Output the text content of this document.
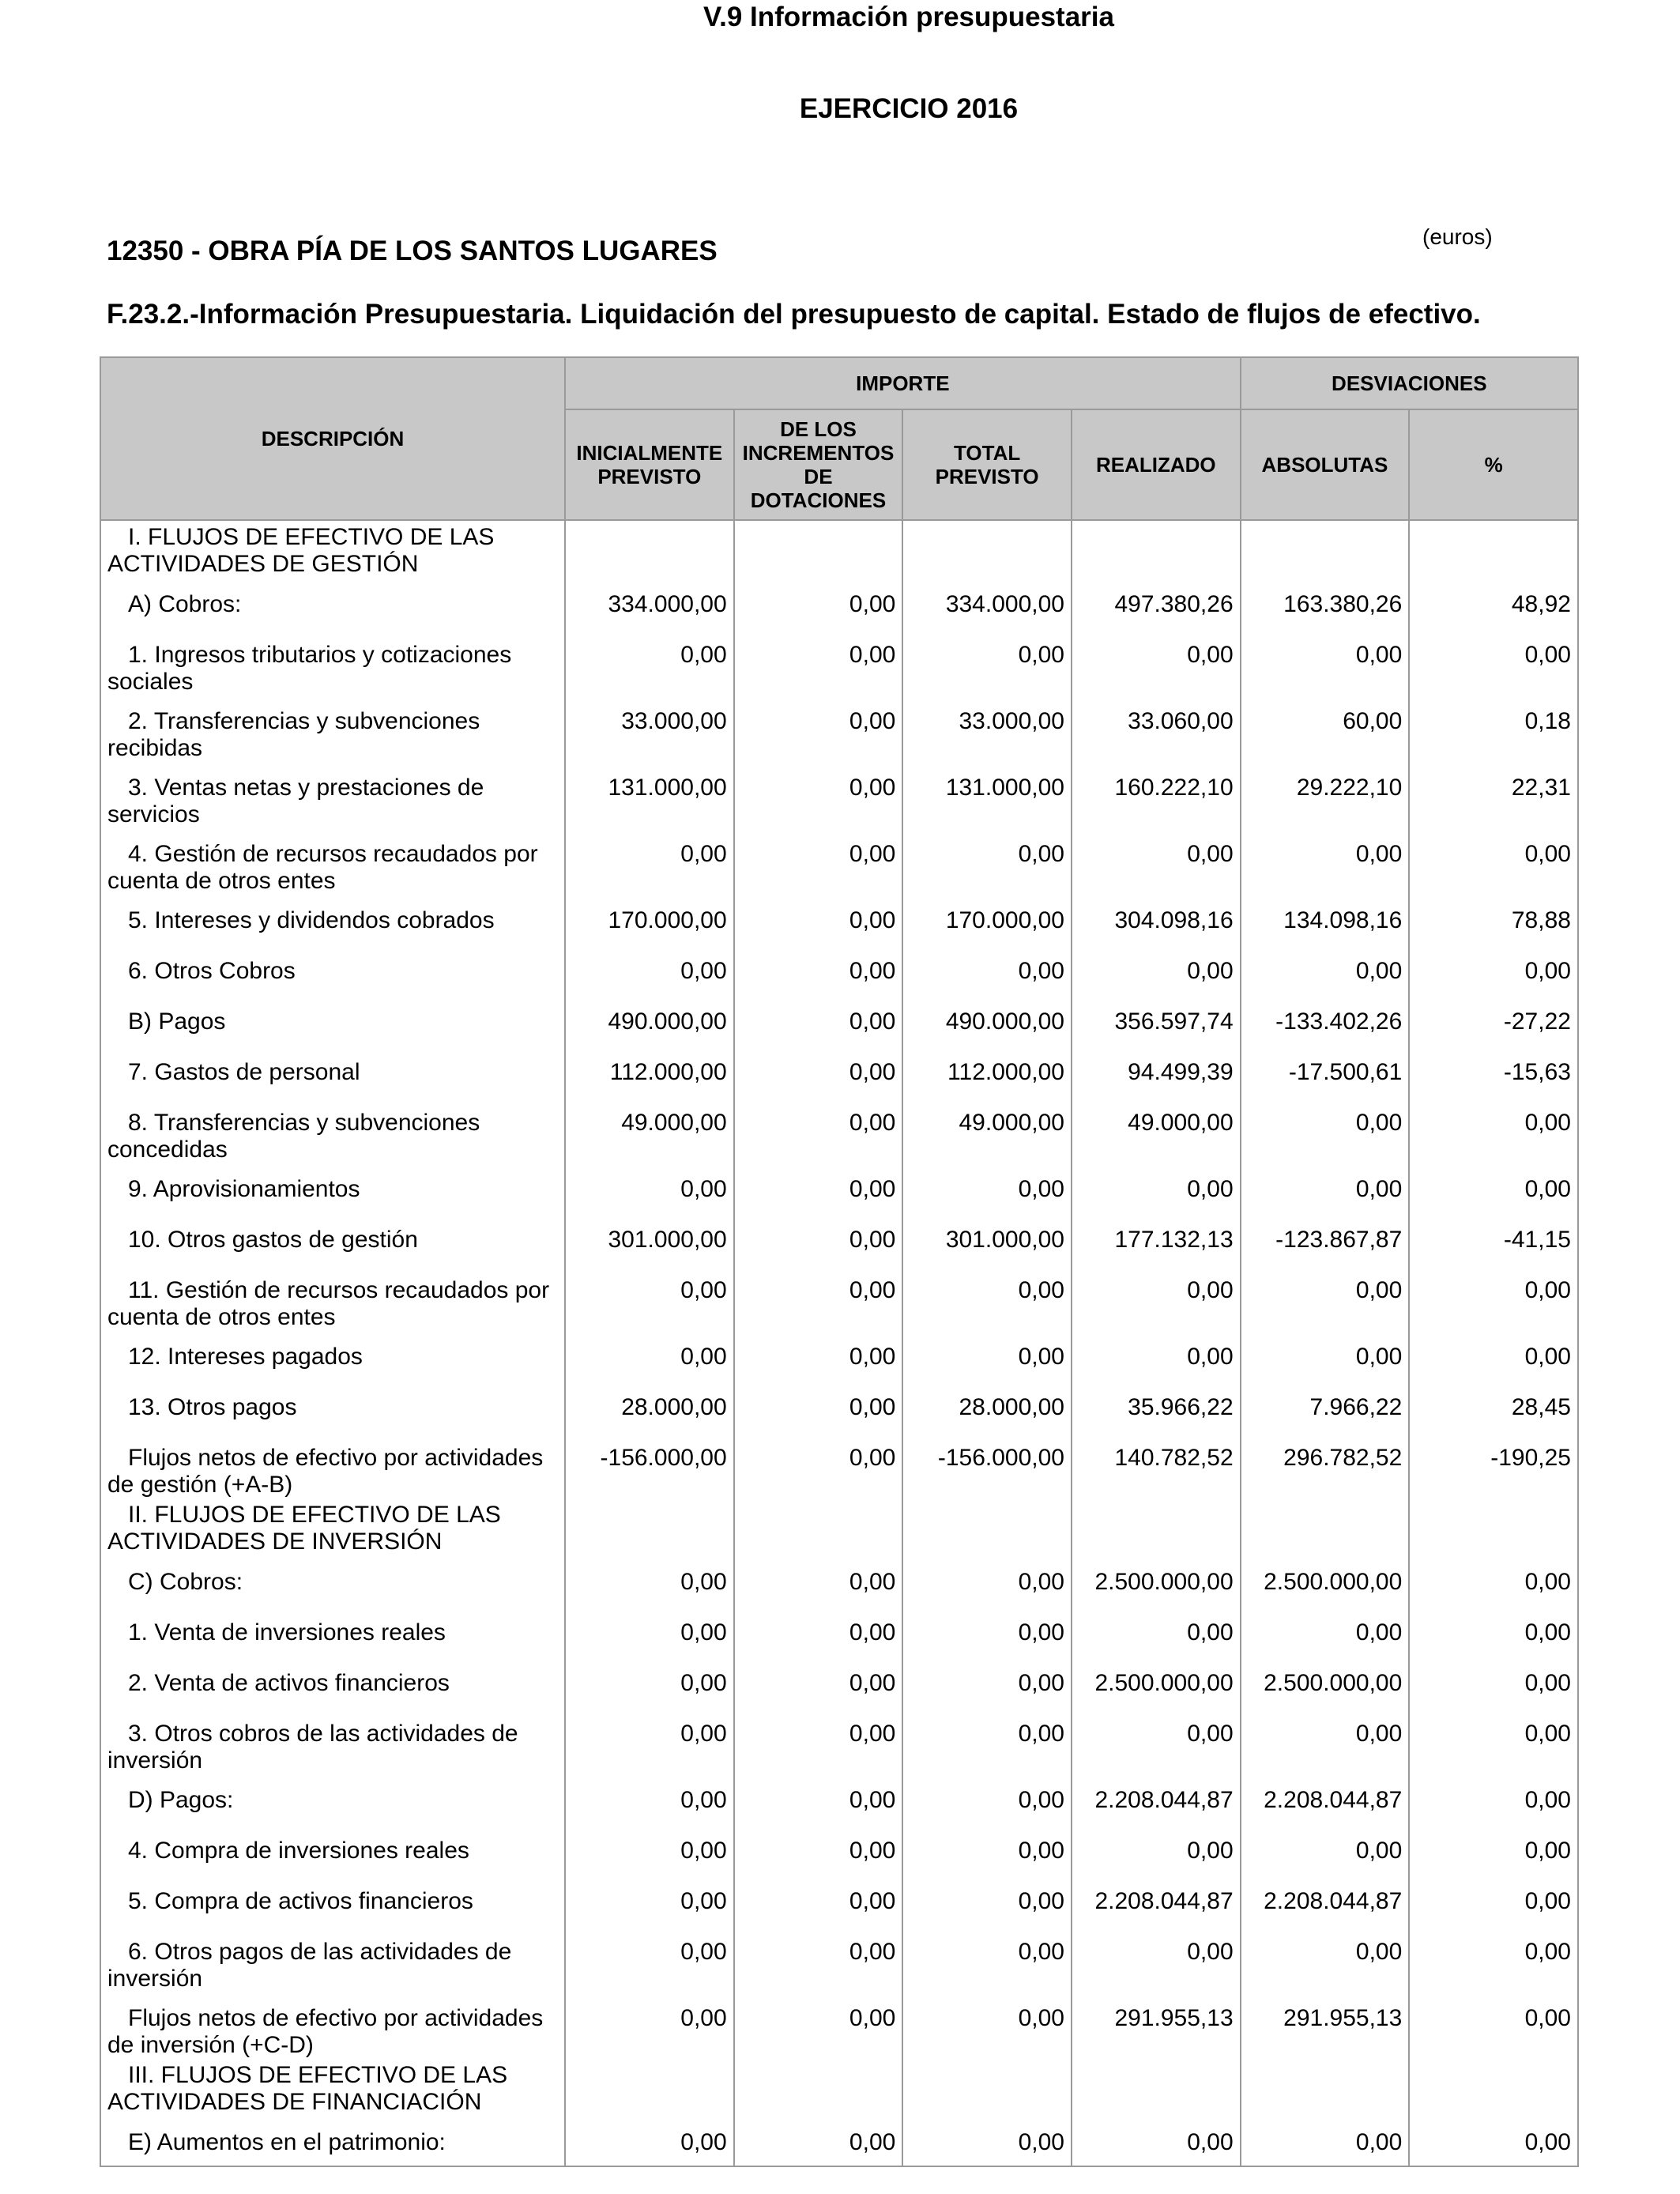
V.9 Información presupuestaria
EJERCICIO 2016
12350 - OBRA PÍA DE LOS SANTOS LUGARES	(euros)
F.23.2.-Información Presupuestaria. Liquidación del presupuesto de capital. Estado de flujos de efectivo.
DESCRIPCIÓN	IMPORTE				DESVIACIONES	
	INICIALMENTE PREVISTO	DE LOS INCREMENTOS DE DOTACIONES	TOTAL PREVISTO	REALIZADO	ABSOLUTAS	%
I. FLUJOS DE EFECTIVO DE LAS
ACTIVIDADES DE GESTIÓN						
A) Cobros:	334.000,00	0,00	334.000,00	497.380,26	163.380,26	48,92
1. Ingresos tributarios y cotizaciones
sociales	0,00	0,00	0,00	0,00	0,00	0,00
2. Transferencias y subvenciones
recibidas	33.000,00	0,00	33.000,00	33.060,00	60,00	0,18
3. Ventas netas y prestaciones de
servicios	131.000,00	0,00	131.000,00	160.222,10	29.222,10	22,31
4. Gestión de recursos recaudados por
cuenta de otros entes	0,00	0,00	0,00	0,00	0,00	0,00
5. Intereses y dividendos cobrados	170.000,00	0,00	170.000,00	304.098,16	134.098,16	78,88
6. Otros Cobros	0,00	0,00	0,00	0,00	0,00	0,00
B) Pagos	490.000,00	0,00	490.000,00	356.597,74	-133.402,26	-27,22
7. Gastos de personal	112.000,00	0,00	112.000,00	94.499,39	-17.500,61	-15,63
8. Transferencias y subvenciones
concedidas	49.000,00	0,00	49.000,00	49.000,00	0,00	0,00
9. Aprovisionamientos	0,00	0,00	0,00	0,00	0,00	0,00
10. Otros gastos de gestión	301.000,00	0,00	301.000,00	177.132,13	-123.867,87	-41,15
11. Gestión de recursos recaudados por
cuenta de otros entes	0,00	0,00	0,00	0,00	0,00	0,00
12. Intereses pagados	0,00	0,00	0,00	0,00	0,00	0,00
13. Otros pagos	28.000,00	0,00	28.000,00	35.966,22	7.966,22	28,45
Flujos netos de efectivo por actividades
de gestión (+A-B)	-156.000,00	0,00	-156.000,00	140.782,52	296.782,52	-190,25
II. FLUJOS DE EFECTIVO DE LAS
ACTIVIDADES DE INVERSIÓN						
C) Cobros:	0,00	0,00	0,00	2.500.000,00	2.500.000,00	0,00
1. Venta de inversiones reales	0,00	0,00	0,00	0,00	0,00	0,00
2. Venta de activos financieros	0,00	0,00	0,00	2.500.000,00	2.500.000,00	0,00
3. Otros cobros de las actividades de
inversión	0,00	0,00	0,00	0,00	0,00	0,00
D) Pagos:	0,00	0,00	0,00	2.208.044,87	2.208.044,87	0,00
4. Compra de inversiones reales	0,00	0,00	0,00	0,00	0,00	0,00
5. Compra de activos financieros	0,00	0,00	0,00	2.208.044,87	2.208.044,87	0,00
6. Otros pagos de las actividades de
inversión	0,00	0,00	0,00	0,00	0,00	0,00
Flujos netos de efectivo por actividades
de inversión (+C-D)	0,00	0,00	0,00	291.955,13	291.955,13	0,00
III. FLUJOS DE EFECTIVO DE LAS
ACTIVIDADES DE FINANCIACIÓN						
E) Aumentos en el patrimonio:	0,00	0,00	0,00	0,00	0,00	0,00
